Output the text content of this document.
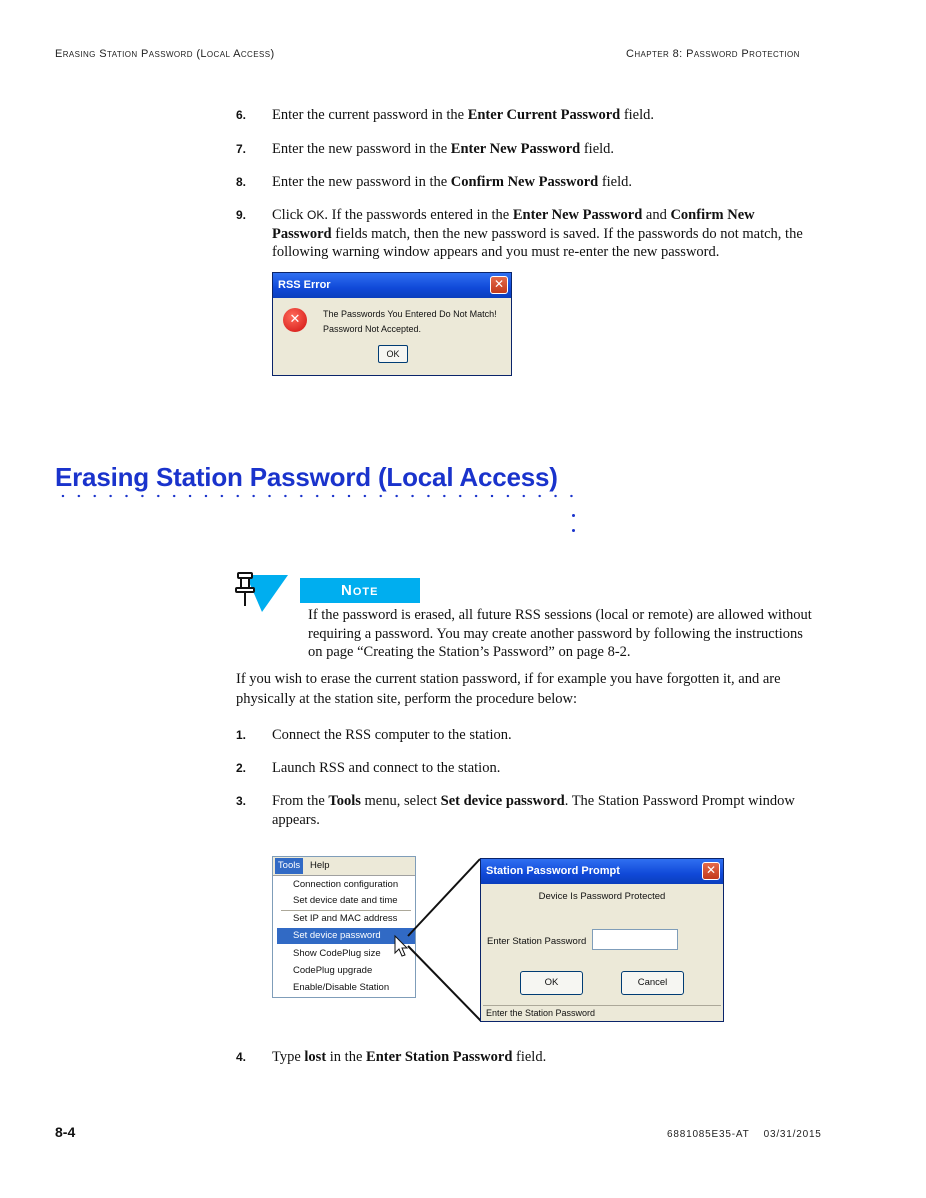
Erasing Station Password (Local Access)	Chapter 8: Password Protection
6. Enter the current password in the Enter Current Password field.
7. Enter the new password in the Enter New Password field.
8. Enter the new password in the Confirm New Password field.
9. Click OK. If the passwords entered in the Enter New Password and Confirm New Password fields match, then the new password is saved. If the passwords do not match, the following warning window appears and you must re-enter the new password.
RSS Error	✕
✕	The Passwords You Entered Do Not Match!
Password Not Accepted.
OK
Erasing Station Password (Local Access)
Note
If the password is erased, all future RSS sessions (local or remote) are allowed without requiring a password. You may create another password by following the instructions on page “Creating the Station’s Password” on page 8-2.
If you wish to erase the current station password, if for example you have forgotten it, and are physically at the station site, perform the procedure below:
1. Connect the RSS computer to the station.
2. Launch RSS and connect to the station.
3. From the Tools menu, select Set device password. The Station Password Prompt window appears.
Tools	Help
Connection configuration
Set device date and time
Set IP and MAC address
Set device password
Show CodePlug size
CodePlug upgrade
Enable/Disable Station
Station Password Prompt	✕
Device Is Password Protected
Enter Station Password
OK	Cancel
Enter the Station Password
4. Type lost in the Enter Station Password field.
8-4	6881085E35-AT    03/31/2015
